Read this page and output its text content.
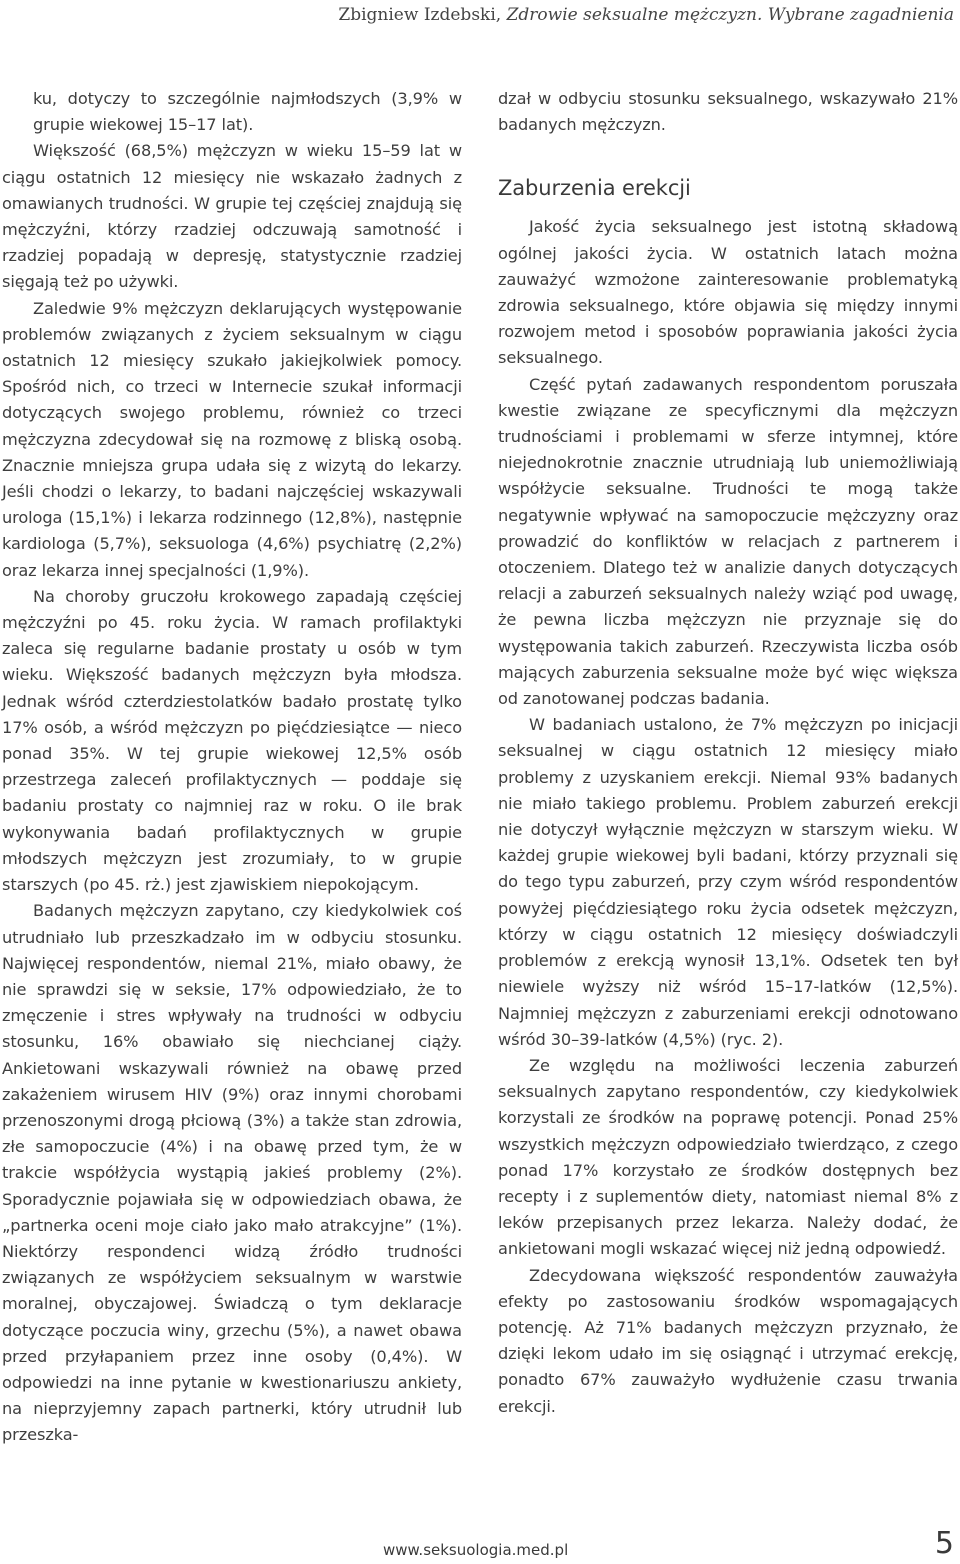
Zbigniew Izdebski, Zdrowie seksualne mężczyzn. Wybrane zagadnienia

ku, dotyczy to szczególnie najmłodszych (3,9% w grupie wiekowej 15–17 lat).

Większość (68,5%) mężczyzn w wieku 15–59 lat w ciągu ostatnich 12 miesięcy nie wskazało żadnych z omawianych trudności. W grupie tej częściej znajdują się mężczyźni, którzy rzadziej odczuwają samotność i rzadziej popadają w depresję, statystycznie rzadziej sięgają też po używki.

Zaledwie 9% mężczyzn deklarujących występowanie problemów związanych z życiem seksualnym w ciągu ostatnich 12 miesięcy szukało jakiejkolwiek pomocy. Spośród nich, co trzeci w Internecie szukał informacji dotyczących swojego problemu, również co trzeci mężczyzna zdecydował się na rozmowę z bliską osobą. Znacznie mniejsza grupa udała się z wizytą do lekarzy. Jeśli chodzi o lekarzy, to badani najczęściej wskazywali urologa (15,1%) i lekarza rodzinnego (12,8%), następnie kardiologa (5,7%), seksuologa (4,6%) psychiatrę (2,2%) oraz lekarza innej specjalności (1,9%).

Na choroby gruczołu krokowego zapadają częściej mężczyźni po 45. roku życia. W ramach profilaktyki zaleca się regularne badanie prostaty u osób w tym wieku. Większość badanych mężczyzn była młodsza. Jednak wśród czterdziestolatków badało prostatę tylko 17% osób, a wśród mężczyzn po pięćdziesiątce — nieco ponad 35%. W tej grupie wiekowej 12,5% osób przestrzega zaleceń profilaktycznych — poddaje się badaniu prostaty co najmniej raz w roku. O ile brak wykonywania badań profilaktycznych w grupie młodszych mężczyzn jest zrozumiały, to w grupie starszych (po 45. rż.) jest zjawiskiem niepokojącym.

Badanych mężczyzn zapytano, czy kiedykolwiek coś utrudniało lub przeszkadzało im w odbyciu stosunku. Najwięcej respondentów, niemal 21%, miało obawy, że nie sprawdzi się w seksie, 17% odpowiedziało, że to zmęczenie i stres wpływały na trudności w odbyciu stosunku, 16% obawiało się niechcianej ciąży. Ankietowani wskazywali również na obawę przed zakażeniem wirusem HIV (9%) oraz innymi chorobami przenoszonymi drogą płciową (3%) a także stan zdrowia, złe samopoczucie (4%) i na obawę przed tym, że w trakcie współżycia wystąpią jakieś problemy (2%). Sporadycznie pojawiała się w odpowiedziach obawa, że „partnerka oceni moje ciało jako mało atrakcyjne” (1%). Niektórzy respondenci widzą źródło trudności związanych ze współżyciem seksualnym w warstwie moralnej, obyczajowej. Świadczą o tym deklaracje dotyczące poczucia winy, grzechu (5%), a nawet obawa przed przyłapaniem przez inne osoby (0,4%). W odpowiedzi na inne pytanie w kwestionariuszu ankiety, na nieprzyjemny zapach partnerki, który utrudnił lub przeszka-

dzał w odbyciu stosunku seksualnego, wskazywało 21% badanych mężczyzn.

Zaburzenia erekcji

Jakość życia seksualnego jest istotną składową ogólnej jakości życia. W ostatnich latach można zauważyć wzmożone zainteresowanie problematyką zdrowia seksualnego, które objawia się między innymi rozwojem metod i sposobów poprawiania jakości życia seksualnego.

Część pytań zadawanych respondentom poruszała kwestie związane ze specyficznymi dla mężczyzn trudnościami i problemami w sferze intymnej, które niejednokrotnie znacznie utrudniają lub uniemożliwiają współżycie seksualne. Trudności te mogą także negatywnie wpływać na samopoczucie mężczyzny oraz prowadzić do konfliktów w relacjach z partnerem i otoczeniem. Dlatego też w analizie danych dotyczących relacji a zaburzeń seksualnych należy wziąć pod uwagę, że pewna liczba mężczyzn nie przyznaje się do występowania takich zaburzeń. Rzeczywista liczba osób mających zaburzenia seksualne może być więc większa od zanotowanej podczas badania.

W badaniach ustalono, że 7% mężczyzn po inicjacji seksualnej w ciągu ostatnich 12 miesięcy miało problemy z uzyskaniem erekcji. Niemal 93% badanych nie miało takiego problemu. Problem zaburzeń erekcji nie dotyczył wyłącznie mężczyzn w starszym wieku. W każdej grupie wiekowej byli badani, którzy przyznali się do tego typu zaburzeń, przy czym wśród respondentów powyżej pięćdziesiątego roku życia odsetek mężczyzn, którzy w ciągu ostatnich 12 miesięcy doświadczyli problemów z erekcją wynosił 13,1%. Odsetek ten był niewiele wyższy niż wśród 15–17-latków (12,5%). Najmniej mężczyzn z zaburzeniami erekcji odnotowano wśród 30–39-latków (4,5%) (ryc. 2).

Ze względu na możliwości leczenia zaburzeń seksualnych zapytano respondentów, czy kiedykolwiek korzystali ze środków na poprawę potencji. Ponad 25% wszystkich mężczyzn odpowiedziało twierdząco, z czego ponad 17% korzystało ze środków dostępnych bez recepty i z suplementów diety, natomiast niemal 8% z leków przepisanych przez lekarza. Należy dodać, że ankietowani mogli wskazać więcej niż jedną odpowiedź.

Zdecydowana większość respondentów zauważyła efekty po zastosowaniu środków wspomagających potencję. Aż 71% badanych mężczyzn przyznało, że dzięki lekom udało im się osiągnąć i utrzymać erekcję, ponadto 67% zauważyło wydłużenie czasu trwania erekcji.

www.seksuologia.med.pl	5
